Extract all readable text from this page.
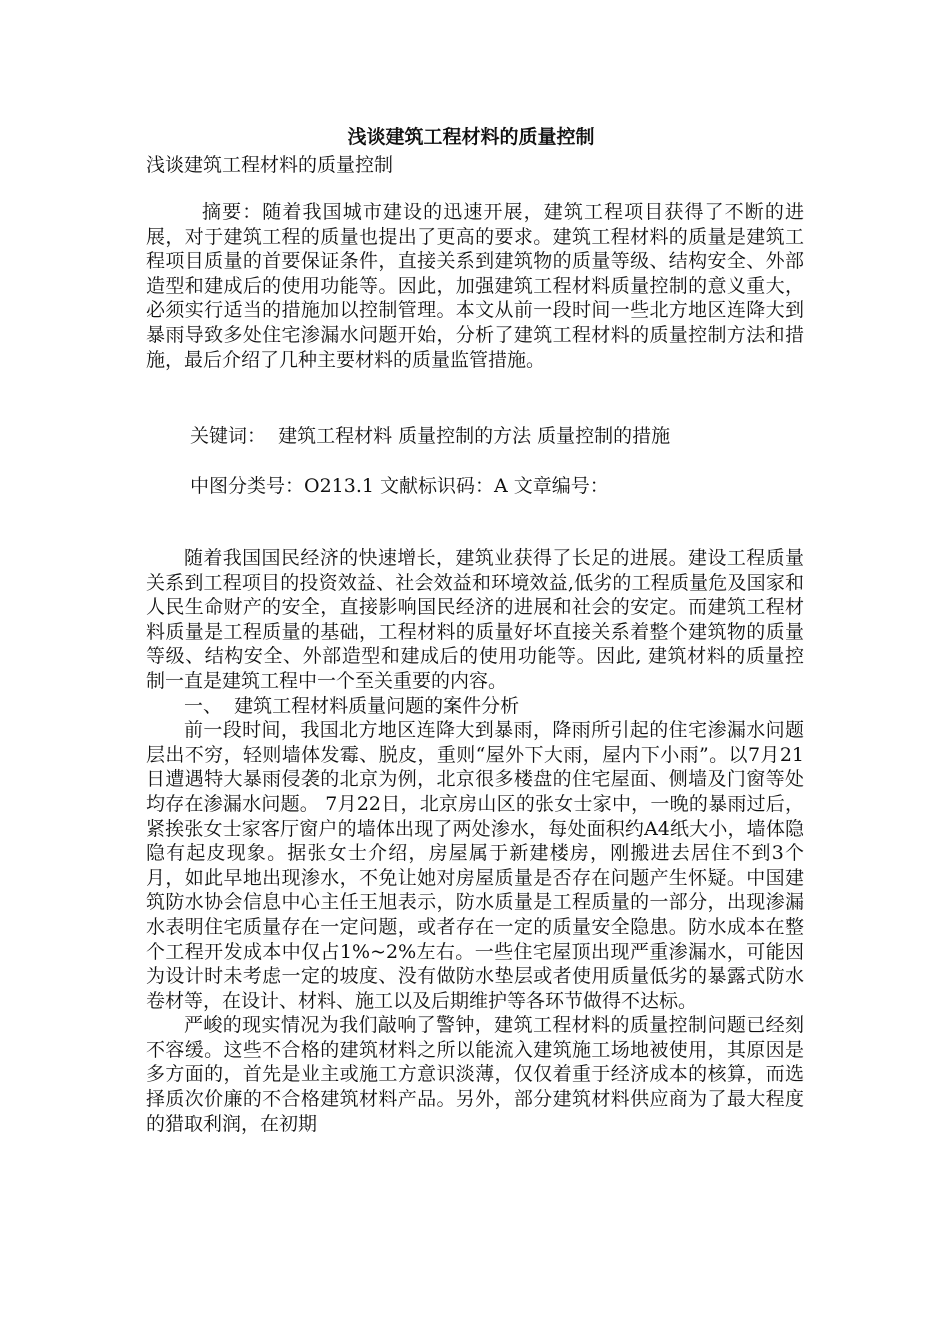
浅谈建筑工程材料的质量控制
浅谈建筑工程材料的质量控制
摘要：随着我国城市建设的迅速开展，建筑工程项目获得了不断的进展，对于建筑工程的质量也提出了更高的要求。建筑工程材料的质量是建筑工程项目质量的首要保证条件，直接关系到建筑物的质量等级、结构安全、外部造型和建成后的使用功能等。因此，加强建筑工程材料质量控制的意义重大，必须实行适当的措施加以控制管理。本文从前一段时间一些北方地区连降大到暴雨导致多处住宅渗漏水问题开始，分析了建筑工程材料的质量控制方法和措施，最后介绍了几种主要材料的质量监管措施。
关键词：  建筑工程材料 质量控制的方法 质量控制的措施
中图分类号：O213.1 文献标识码：A 文章编号：

随着我国国民经济的快速增长，建筑业获得了长足的进展。建设工程质量关系到工程项目的投资效益、社会效益和环境效益,低劣的工程质量危及国家和人民生命财产的安全，直接影响国民经济的进展和社会的安定。而建筑工程材料质量是工程质量的基础，工程材料的质量好坏直接关系着整个建筑物的质量等级、结构安全、外部造型和建成后的使用功能等。因此, 建筑材料的质量控制一直是建筑工程中一个至关重要的内容。

一、  建筑工程材料质量问题的案件分析

前一段时间，我国北方地区连降大到暴雨，降雨所引起的住宅渗漏水问题层出不穷，轻则墙体发霉、脱皮，重则“屋外下大雨，屋内下小雨”。以7月21日遭遇特大暴雨侵袭的北京为例，北京很多楼盘的住宅屋面、侧墙及门窗等处均存在渗漏水问题。 7月22日，北京房山区的张女士家中，一晚的暴雨过后，紧挨张女士家客厅窗户的墙体出现了两处渗水，每处面积约A4纸大小，墙体隐隐有起皮现象。据张女士介绍，房屋属于新建楼房，刚搬进去居住不到3个月，如此早地出现渗水，不免让她对房屋质量是否存在问题产生怀疑。中国建筑防水协会信息中心主任王旭表示，防水质量是工程质量的一部分，出现渗漏水表明住宅质量存在一定问题，或者存在一定的质量安全隐患。防水成本在整个工程开发成本中仅占1%~2%左右。一些住宅屋顶出现严重渗漏水，可能因为设计时未考虑一定的坡度、没有做防水垫层或者使用质量低劣的暴露式防水卷材等，在设计、材料、施工以及后期维护等各环节做得不达标。

严峻的现实情况为我们敲响了警钟，建筑工程材料的质量控制问题已经刻不容缓。这些不合格的建筑材料之所以能流入建筑施工场地被使用，其原因是多方面的，首先是业主或施工方意识淡薄，仅仅着重于经济成本的核算，而选择质次价廉的不合格建筑材料产品。另外，部分建筑材料供应商为了最大程度的猎取利润，在初期
